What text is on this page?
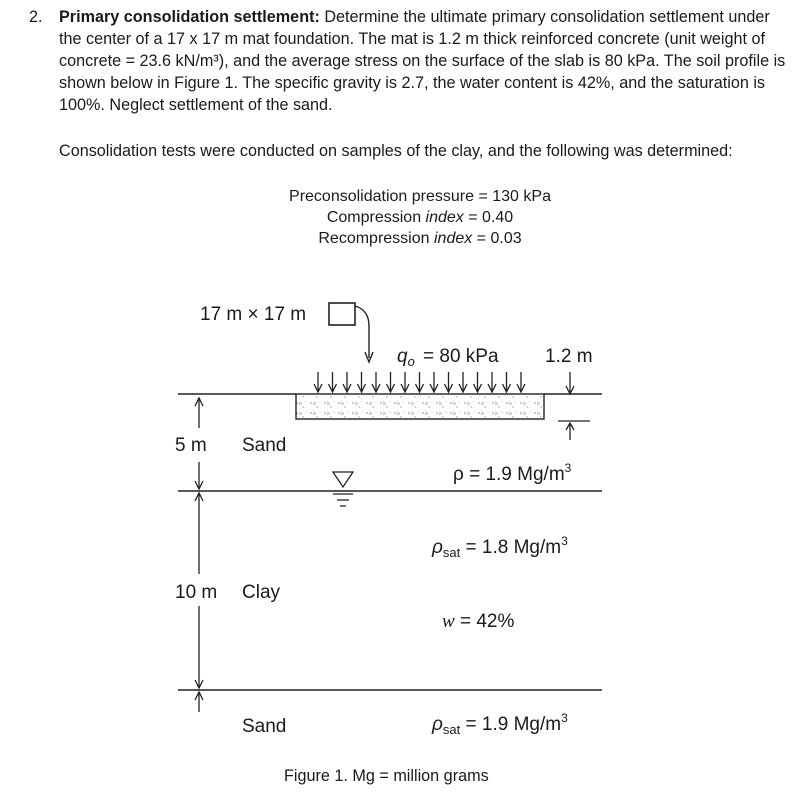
2. Primary consolidation settlement: Determine the ultimate primary consolidation settlement under the center of a 17 x 17 m mat foundation. The mat is 1.2 m thick reinforced concrete (unit weight of concrete = 23.6 kN/m³), and the average stress on the surface of the slab is 80 kPa. The soil profile is shown below in Figure 1. The specific gravity is 2.7, the water content is 42%, and the saturation is 100%. Neglect settlement of the sand.
Consolidation tests were conducted on samples of the clay, and the following was determined:
Preconsolidation pressure = 130 kPa
Compression index = 0.40
Recompression index = 0.03
17 m × 17 m
$q_o = 80$ kPa 1.2 m
5 m Sand
ρ = 1.9 $Mg/m^3$
$\rho_{sat} = 1.8$ $Mg/m^3$
10 m Clay
w = 42%
Sand	$\rho_{sat} = 1.9$ $Mg/m^3$
Figure 1. Mg = million grams
